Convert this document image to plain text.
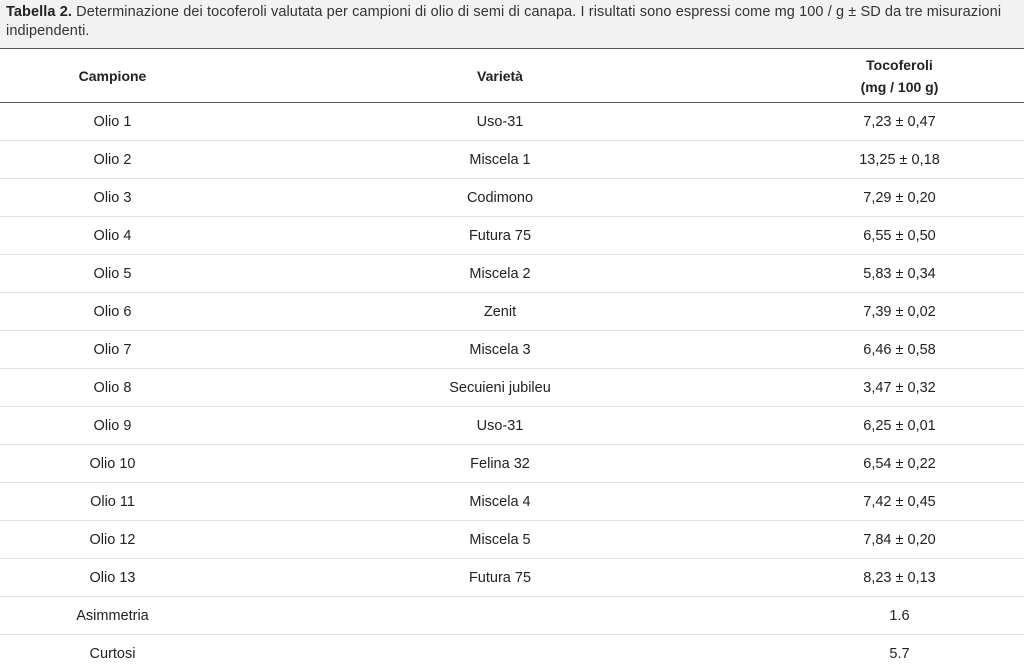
Tabella 2. Determinazione dei tocoferoli valutata per campioni di olio di semi di canapa. I risultati sono espressi come mg 100 / g ± SD da tre misurazioni indipendenti.
Campione	Varietà	Tocoferoli
(mg / 100 g)

Olio 1	Uso-31	7,23 ± 0,47
Olio 2	Miscela 1	13,25 ± 0,18
Olio 3	Codimono	7,29 ± 0,20
Olio 4	Futura 75	6,55 ± 0,50
Olio 5	Miscela 2	5,83 ± 0,34
Olio 6	Zenit	7,39 ± 0,02
Olio 7	Miscela 3	6,46 ± 0,58
Olio 8	Secuieni jubileu	3,47 ± 0,32
Olio 9	Uso-31	6,25 ± 0,01
Olio 10	Felina 32	6,54 ± 0,22
Olio 11	Miscela 4	7,42 ± 0,45
Olio 12	Miscela 5	7,84 ± 0,20
Olio 13	Futura 75	8,23 ± 0,13
Asimmetria		1.6
Curtosi		5.7
